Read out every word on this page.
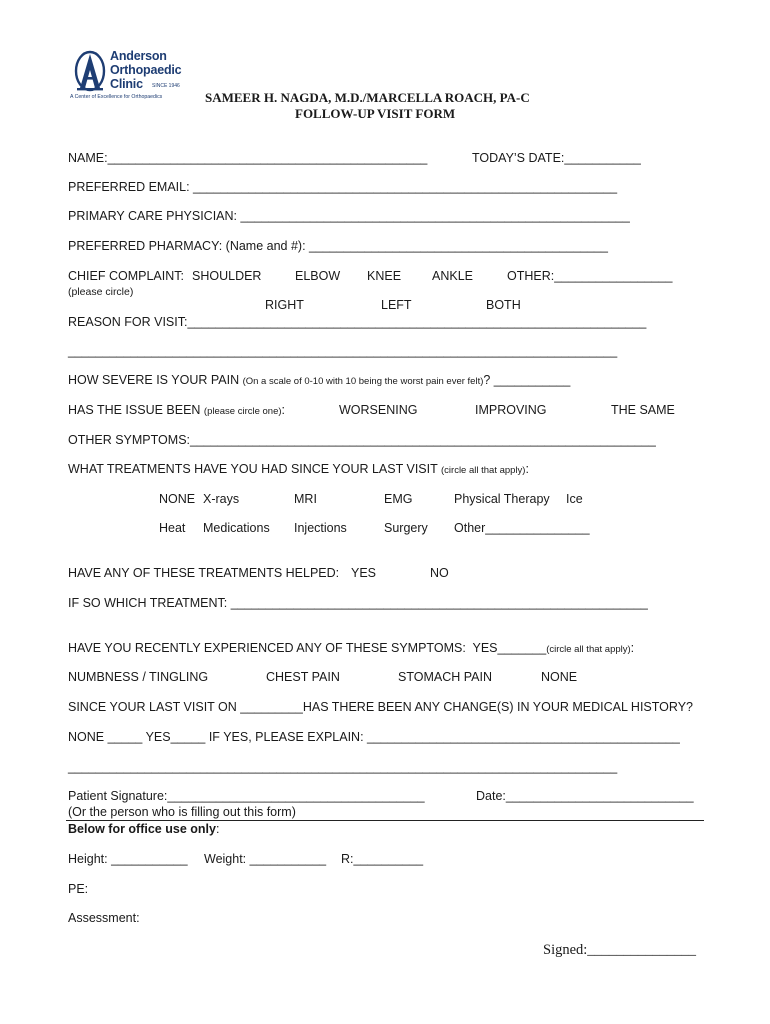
Anderson
Orthopaedic
Clinic SINCE 1946
A Center of Excellence for Orthopaedics	SAMEER H. NAGDA, M.D./MARCELLA ROACH, PA-C
FOLLOW-UP VISIT FORM
NAME:______________________________________________	TODAY’S DATE:___________
PREFERRED EMAIL: _____________________________________________________________
PRIMARY CARE PHYSICIAN: ________________________________________________________
PREFERRED PHARMACY: (Name and #): ___________________________________________
CHIEF COMPLAINT: SHOULDER	ELBOW KNEE ANKLE	OTHER:_________________
(please circle)
RIGHT	LEFT	BOTH
REASON FOR VISIT:__________________________________________________________________
_______________________________________________________________________________
HOW SEVERE IS YOUR PAIN (On a scale of 0-10 with 10 being the worst pain ever felt)? ___________
HAS THE ISSUE BEEN (please circle one):	WORSENING	IMPROVING	THE SAME
OTHER SYMPTOMS:___________________________________________________________________
WHAT TREATMENTS HAVE YOU HAD SINCE YOUR LAST VISIT (circle all that apply):
NONE X-rays	MRI	EMG	Physical Therapy Ice
Heat Medications Injections	Surgery Other_______________
HAVE ANY OF THESE TREATMENTS HELPED: YES	NO
IF SO WHICH TREATMENT: ____________________________________________________________
HAVE YOU RECENTLY EXPERIENCED ANY OF THESE SYMPTOMS:  YES_______(circle all that apply):
NUMBNESS / TINGLING	CHEST PAIN	STOMACH PAIN	NONE
SINCE YOUR LAST VISIT ON _________HAS THERE BEEN ANY CHANGE(S) IN YOUR MEDICAL HISTORY?
NONE _____ YES_____ IF YES, PLEASE EXPLAIN: _____________________________________________
_______________________________________________________________________________
Patient Signature:_____________________________________	Date:___________________________
(Or the person who is filling out this form)
Below for office use only:
Height: ___________ Weight: ___________ R:__________
PE:
Assessment:
Signed:_______________
